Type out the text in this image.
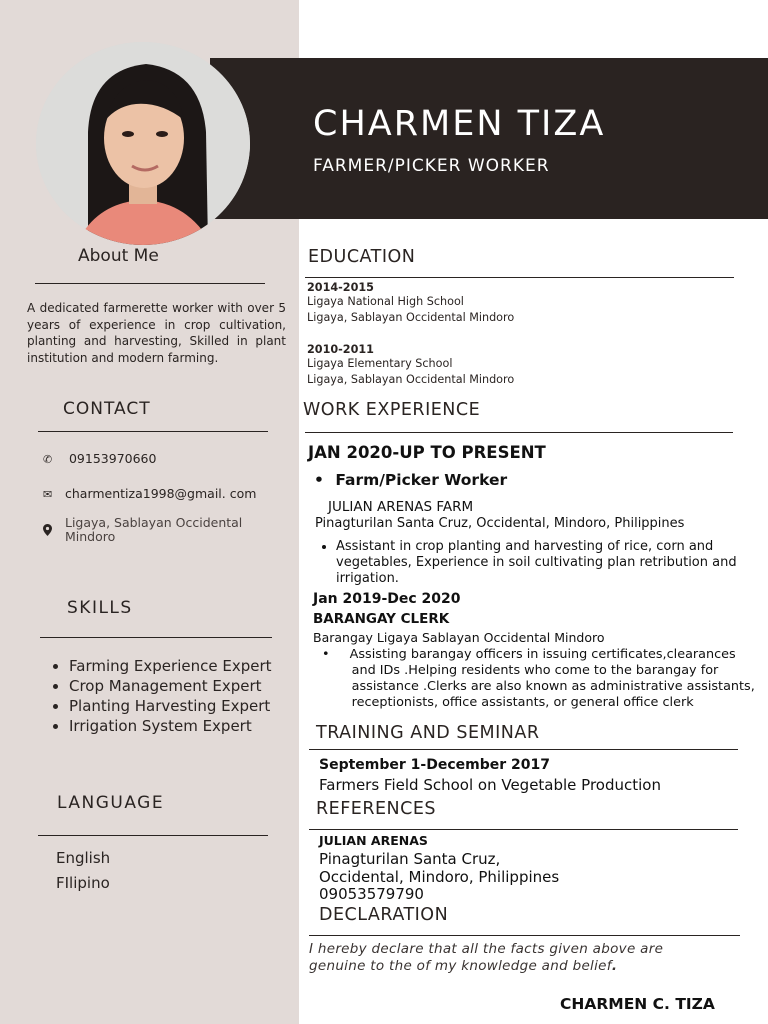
CHARMEN TIZA
FARMER/PICKER WORKER
About Me
A dedicated farmerette worker with over 5 years of experience in crop cultivation, planting and harvesting, Skilled in plant institution and modern farming.
CONTACT
✆ 09153970660
✉ charmentiza1998@gmail. com
Ligaya, Sablayan Occidental
Mindoro
SKILLS
• Farming Experience Expert
• Crop Management Expert
• Planting Harvesting Expert
• Irrigation System Expert
LANGUAGE
English
FIlipino
EDUCATION
2014-2015
Ligaya National High School
Ligaya, Sablayan Occidental Mindoro
2010-2011
Ligaya Elementary School
Ligaya, Sablayan Occidental Mindoro
WORK EXPERIENCE
JAN 2020-UP TO PRESENT
• Farm/Picker Worker
JULIAN ARENAS FARM
Pinagturilan Santa Cruz, Occidental, Mindoro, Philippines
• Assistant in crop planting and harvesting of rice, corn and
vegetables, Experience in soil cultivating plan retribution and
irrigation.
Jan 2019-Dec 2020
BARANGAY CLERK
Barangay Ligaya Sablayan Occidental Mindoro
• Assisting barangay officers in issuing certificates,clearances
and IDs .Helping residents who come to the barangay for
assistance .Clerks are also known as administrative assistants,
receptionists, office assistants, or general office clerk
TRAINING AND SEMINAR
September 1-December 2017
Farmers Field School on Vegetable Production
REFERENCES
JULIAN ARENAS
Pinagturilan Santa Cruz,
Occidental, Mindoro, Philippines
09053579790
DECLARATION
I hereby declare that all the facts given above are
genuine to the of my knowledge and belief.
CHARMEN C. TIZA
